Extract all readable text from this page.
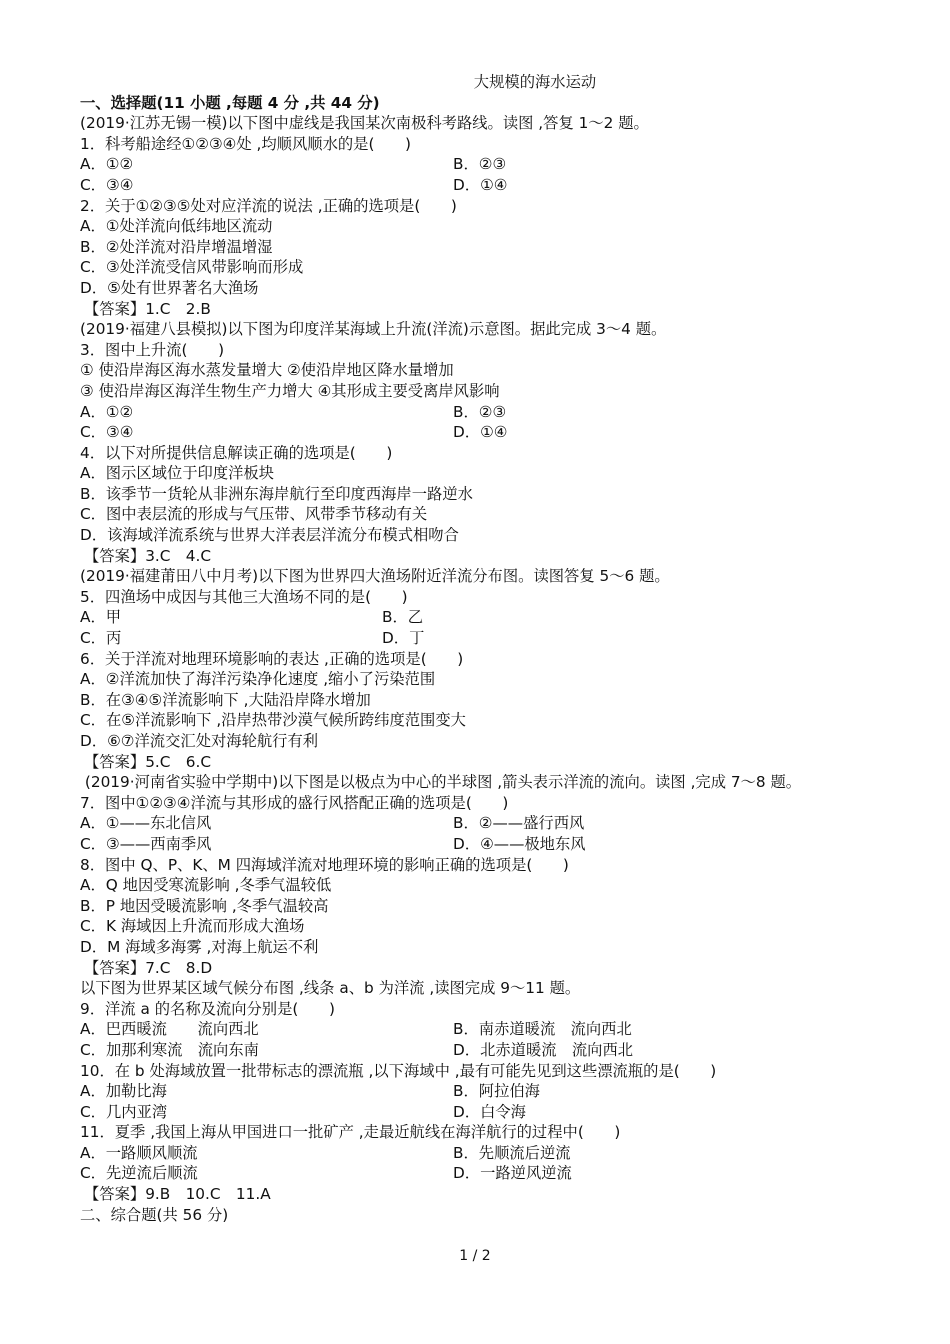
大规模的海水运动
一、选择题(11 小题 ,每题 4 分 ,共 44 分)
(2019·江苏无锡一模)以下图中虚线是我国某次南极科考路线。读图 ,答复 1～2 题。
1．科考船途经①②③④处 ,均顺风顺水的是(　　)

A．①②

	B．②③

C．③④

	D．①④

2．关于①②③⑤处对应洋流的说法 ,正确的选项是(　　)
A．①处洋流向低纬地区流动
B．②处洋流对沿岸增温增湿
C．③处洋流受信风带影响而形成
D．⑤处有世界著名大渔场
【答案】1.C　2.B
(2019·福建八县模拟)以下图为印度洋某海域上升流(洋流)示意图。据此完成 3～4 题。
3．图中上升流(　　)
① 使沿岸海区海水蒸发量增大 ②使沿岸地区降水量增加
③ 使沿岸海区海洋生物生产力增大 ④其形成主要受离岸风影响

A．①②

	B．②③

C．③④

	D．①④

4．以下对所提供信息解读正确的选项是(　　)
A．图示区域位于印度洋板块
B．该季节一货轮从非洲东海岸航行至印度西海岸一路逆水
C．图中表层流的形成与气压带、风带季节移动有关
D．该海域洋流系统与世界大洋表层洋流分布模式相吻合
【答案】3.C　4.C
(2019·福建莆田八中月考)以下图为世界四大渔场附近洋流分布图。读图答复 5～6 题。
5．四渔场中成因与其他三大渔场不同的是(　　)

A．甲

	B．乙

C．丙

	D．丁

6．关于洋流对地理环境影响的表达 ,正确的选项是(　　)
A．②洋流加快了海洋污染净化速度 ,缩小了污染范围
B．在③④⑤洋流影响下 ,大陆沿岸降水增加
C．在⑤洋流影响下 ,沿岸热带沙漠气候所跨纬度范围变大
D．⑥⑦洋流交汇处对海轮航行有利
【答案】5.C　6.C
(2019·河南省实验中学期中)以下图是以极点为中心的半球图 ,箭头表示洋流的流向。读图 ,完成 7～8 题。
7．图中①②③④洋流与其形成的盛行风搭配正确的选项是(　　)

A．①——东北信风

	B．②——盛行西风

C．③——西南季风

	D．④——极地东风

8．图中 Q、P、K、M 四海域洋流对地理环境的影响正确的选项是(　　)
A．Q 地因受寒流影响 ,冬季气温较低
B．P 地因受暖流影响 ,冬季气温较高
C．K 海域因上升流而形成大渔场
D．M 海域多海雾 ,对海上航运不利
【答案】7.C　8.D
以下图为世界某区域气候分布图 ,线条 a、b 为洋流 ,读图完成 9～11 题。
9．洋流 a 的名称及流向分别是(　　)

A．巴西暖流　　流向西北

	B．南赤道暖流　流向西北

C．加那利寒流　流向东南

	D．北赤道暖流　流向西北

10．在 b 处海域放置一批带标志的漂流瓶 ,以下海域中 ,最有可能先见到这些漂流瓶的是(　　)

A．加勒比海

	B．阿拉伯海

C．几内亚湾

	D．白令海

11．夏季 ,我国上海从甲国进口一批矿产 ,走最近航线在海洋航行的过程中(　　)

A．一路顺风顺流

	B．先顺流后逆流

C．先逆流后顺流

	D．一路逆风逆流

【答案】9.B　10.C　11.A
二、综合题(共 56 分)
1 / 2
